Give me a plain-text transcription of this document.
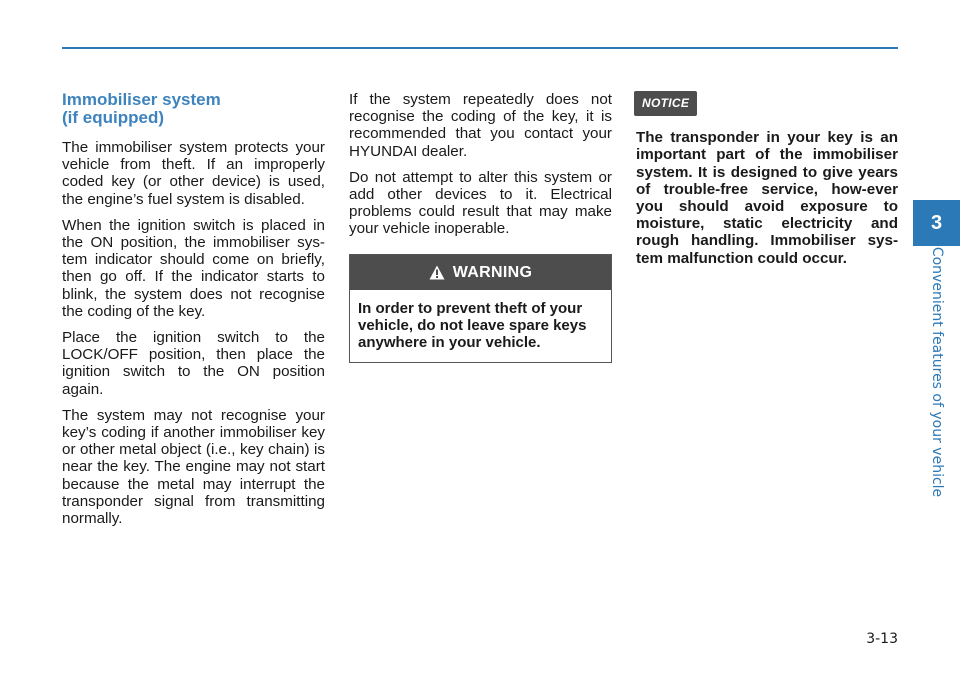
Immobiliser system
(if equipped)

The immobiliser system protects your vehicle from theft. If an improperly coded key (or other device) is used, the engine’s fuel system is disabled.

When the ignition switch is placed in the ON position, the immobiliser sys-tem indicator should come on briefly, then go off. If the indicator starts to blink, the system does not recognise the coding of the key.

Place the ignition switch to the LOCK/OFF position, then place the ignition switch to the ON position again.

The system may not recognise your key’s coding if another immobiliser key or other metal object (i.e., key chain) is near the key. The engine may not start because the metal may interrupt the transponder signal from transmitting normally.

If the system repeatedly does not recognise the coding of the key, it is recommended that you contact your HYUNDAI dealer.

Do not attempt to alter this system or add other devices to it. Electrical problems could result that may make your vehicle inoperable.

WARNING
In order to prevent theft of your vehicle, do not leave spare keys anywhere in your vehicle.
NOTICE
The transponder in your key is an important part of the immobiliser system. It is designed to give years of trouble-free service, how-ever you should avoid exposure to moisture, static electricity and rough handling. Immobiliser sys-tem malfunction could occur.
3
Convenient features of your vehicle
3-13
